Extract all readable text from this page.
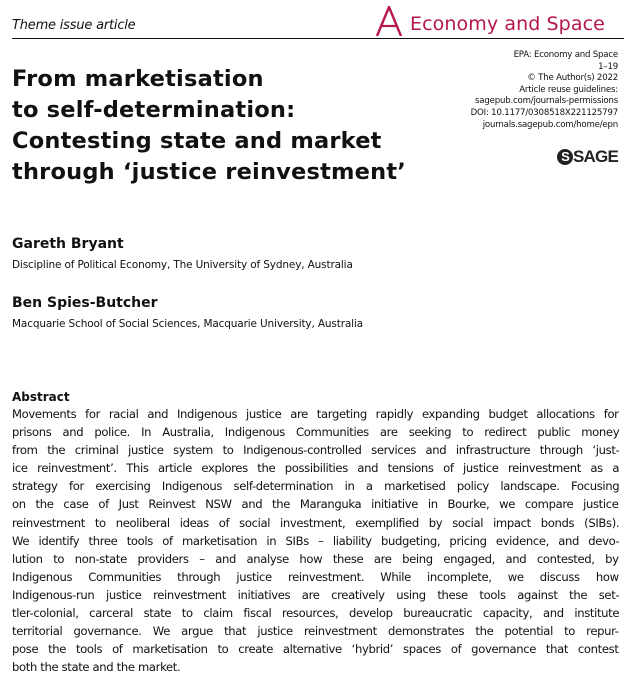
Theme issue article	Economy and Space
EPA: Economy and Space
1–19
© The Author(s) 2022
Article reuse guidelines:
sagepub.com/journals-permissions
DOI: 10.1177/0308518X221125797
journals.sagepub.com/home/epn
S SAGE
From marketisation
to self-determination:
Contesting state and market
through ‘justice reinvestment’
Gareth Bryant
Discipline of Political Economy, The University of Sydney, Australia
Ben Spies-Butcher
Macquarie School of Social Sciences, Macquarie University, Australia
Abstract
Movements for racial and Indigenous justice are targeting rapidly expanding budget allocations for
prisons and police. In Australia, Indigenous Communities are seeking to redirect public money
from the criminal justice system to Indigenous-controlled services and infrastructure through ‘just-
ice reinvestment’. This article explores the possibilities and tensions of justice reinvestment as a
strategy for exercising Indigenous self-determination in a marketised policy landscape. Focusing
on the case of Just Reinvest NSW and the Maranguka initiative in Bourke, we compare justice
reinvestment to neoliberal ideas of social investment, exemplified by social impact bonds (SIBs).
We identify three tools of marketisation in SIBs – liability budgeting, pricing evidence, and devo-
lution to non-state providers – and analyse how these are being engaged, and contested, by
Indigenous Communities through justice reinvestment. While incomplete, we discuss how
Indigenous-run justice reinvestment initiatives are creatively using these tools against the set-
tler-colonial, carceral state to claim fiscal resources, develop bureaucratic capacity, and institute
territorial governance. We argue that justice reinvestment demonstrates the potential to repur-
pose the tools of marketisation to create alternative ‘hybrid’ spaces of governance that contest
both the state and the market.
